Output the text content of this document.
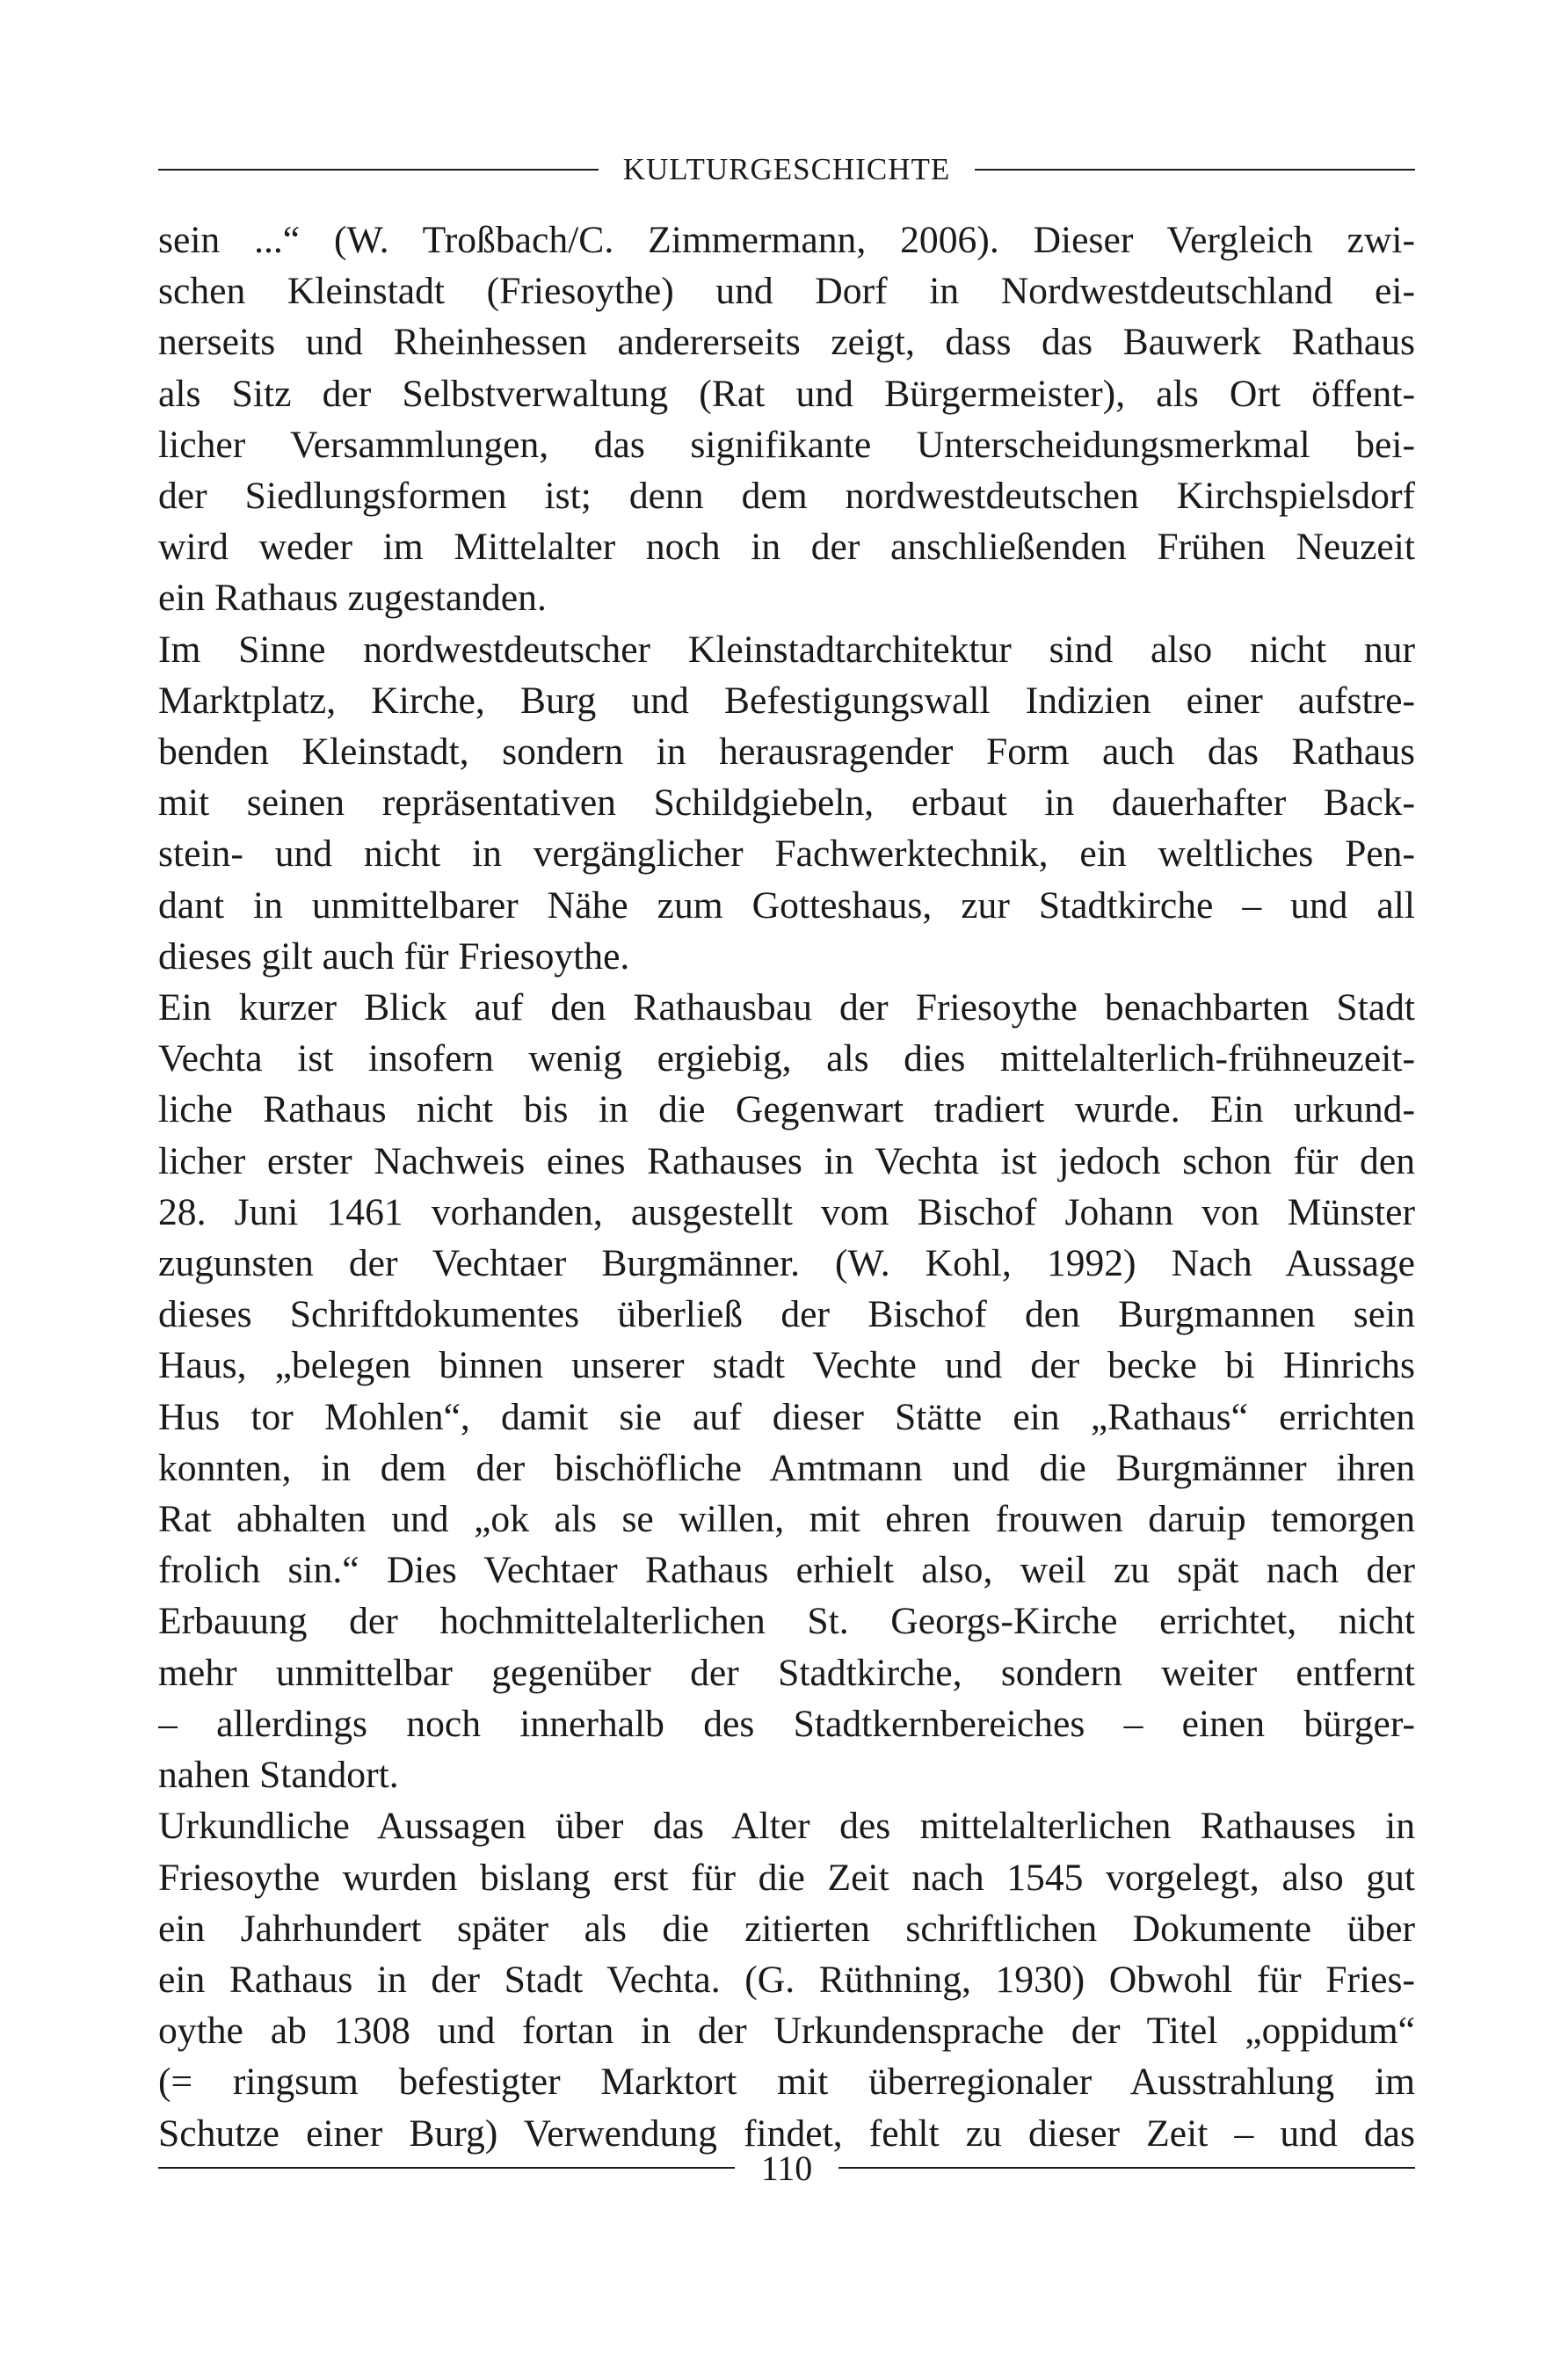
KULTURGESCHICHTE
sein ...“ (W. Troßbach/C. Zimmermann, 2006). Dieser Vergleich zwi-
schen Kleinstadt (Friesoythe) und Dorf in Nordwestdeutschland ei-
nerseits und Rheinhessen andererseits zeigt, dass das Bauwerk Rathaus
als Sitz der Selbstverwaltung (Rat und Bürgermeister), als Ort öffent-
licher Versammlungen, das signifikante Unterscheidungsmerkmal bei-
der Siedlungsformen ist; denn dem nordwestdeutschen Kirchspielsdorf
wird weder im Mittelalter noch in der anschließenden Frühen Neuzeit
ein Rathaus zugestanden.
Im Sinne nordwestdeutscher Kleinstadtarchitektur sind also nicht nur
Marktplatz, Kirche, Burg und Befestigungswall Indizien einer aufstre-
benden Kleinstadt, sondern in herausragender Form auch das Rathaus
mit seinen repräsentativen Schildgiebeln, erbaut in dauerhafter Back-
stein- und nicht in vergänglicher Fachwerktechnik, ein weltliches Pen-
dant in unmittelbarer Nähe zum Gotteshaus, zur Stadtkirche – und all
dieses gilt auch für Friesoythe.
Ein kurzer Blick auf den Rathausbau der Friesoythe benachbarten Stadt
Vechta ist insofern wenig ergiebig, als dies mittelalterlich-frühneuzeit-
liche Rathaus nicht bis in die Gegenwart tradiert wurde. Ein urkund-
licher erster Nachweis eines Rathauses in Vechta ist jedoch schon für den
28. Juni 1461 vorhanden, ausgestellt vom Bischof Johann von Münster
zugunsten der Vechtaer Burgmänner. (W. Kohl, 1992) Nach Aussage
dieses Schriftdokumentes überließ der Bischof den Burgmannen sein
Haus, „belegen binnen unserer stadt Vechte und der becke bi Hinrichs
Hus tor Mohlen“, damit sie auf dieser Stätte ein „Rathaus“ errichten
konnten, in dem der bischöfliche Amtmann und die Burgmänner ihren
Rat abhalten und „ok als se willen, mit ehren frouwen daruip temorgen
frolich sin.“ Dies Vechtaer Rathaus erhielt also, weil zu spät nach der
Erbauung der hochmittelalterlichen St. Georgs-Kirche errichtet, nicht
mehr unmittelbar gegenüber der Stadtkirche, sondern weiter entfernt
– allerdings noch innerhalb des Stadtkernbereiches – einen bürger-
nahen Standort.
Urkundliche Aussagen über das Alter des mittelalterlichen Rathauses in
Friesoythe wurden bislang erst für die Zeit nach 1545 vorgelegt, also gut
ein Jahrhundert später als die zitierten schriftlichen Dokumente über
ein Rathaus in der Stadt Vechta. (G. Rüthning, 1930) Obwohl für Fries-
oythe ab 1308 und fortan in der Urkundensprache der Titel „oppidum“
(= ringsum befestigter Marktort mit überregionaler Ausstrahlung im
Schutze einer Burg) Verwendung findet, fehlt zu dieser Zeit – und das
110
